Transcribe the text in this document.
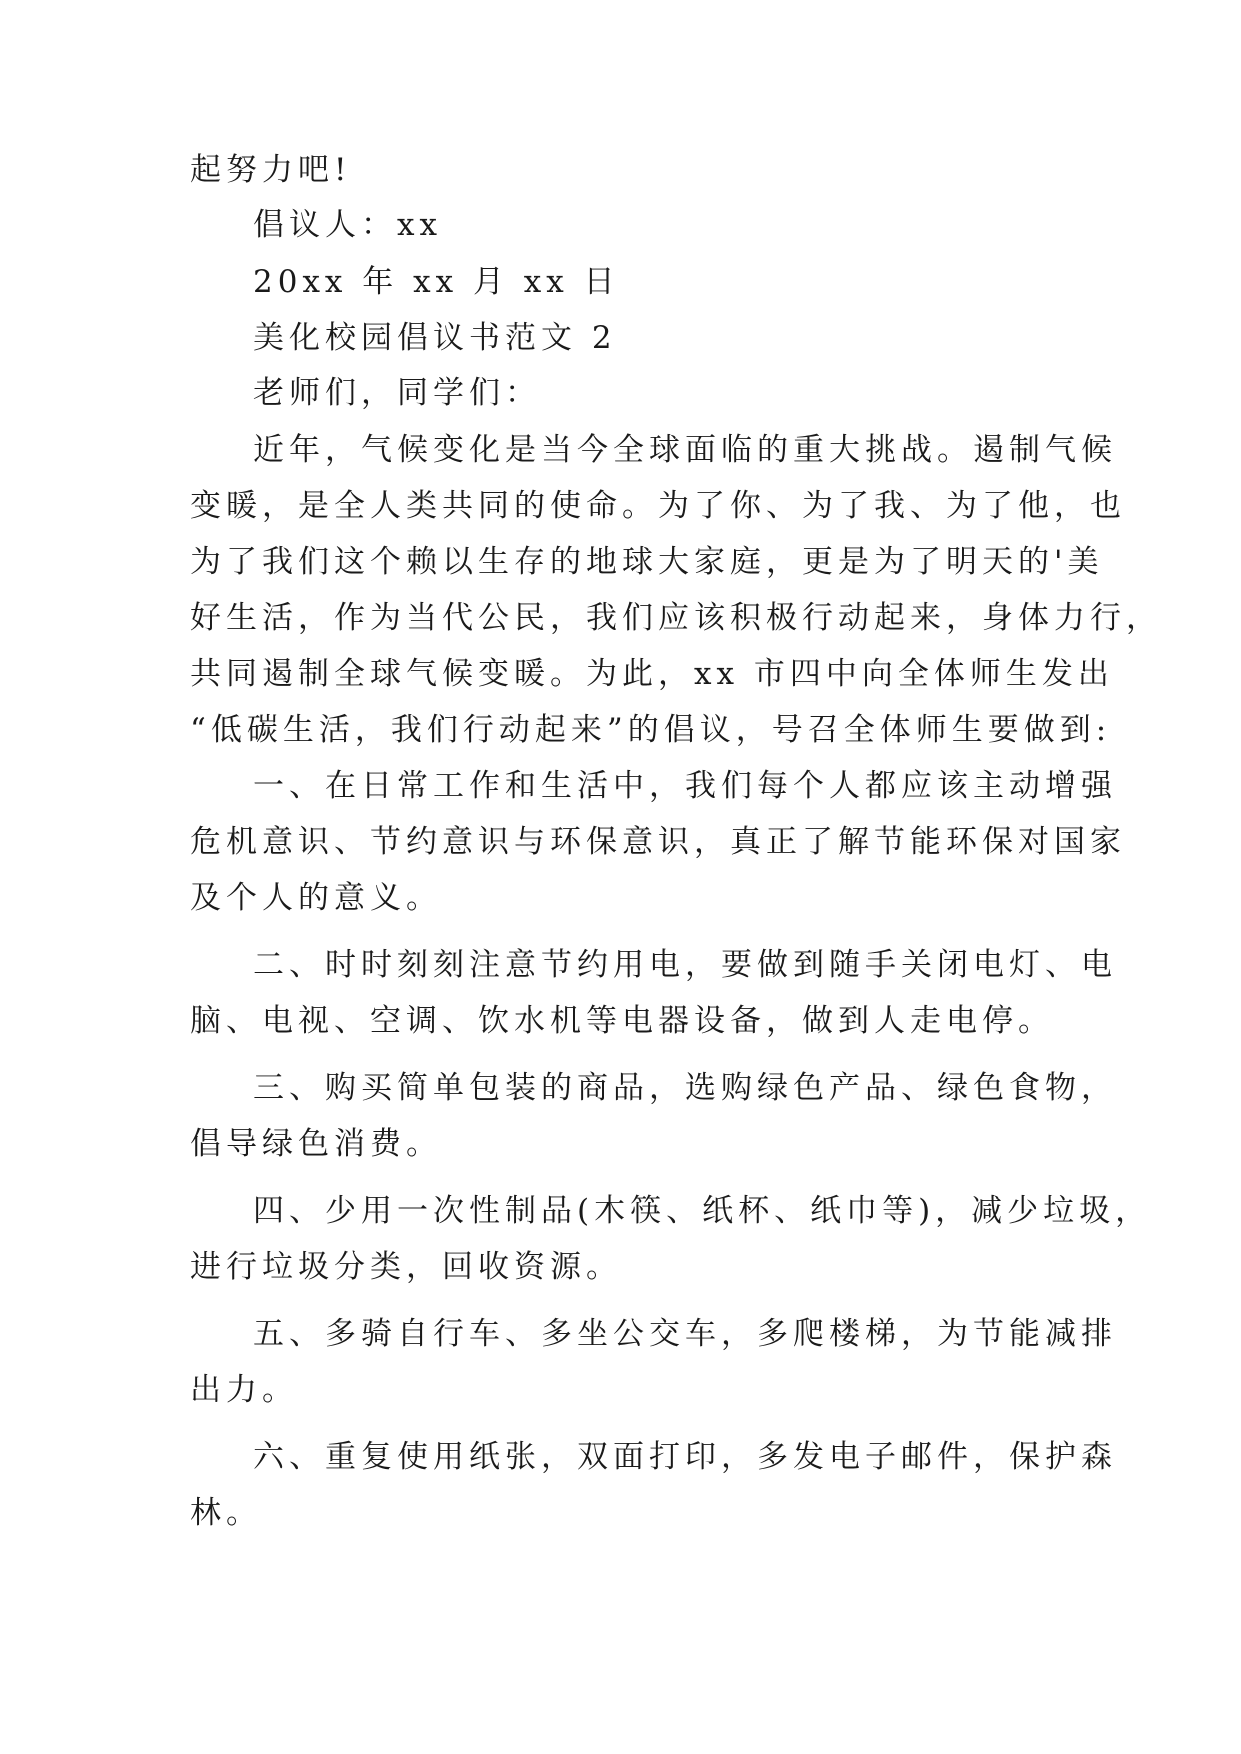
起努力吧!
倡议人：xx
20xx 年 xx 月 xx 日
美化校园倡议书范文 2
老师们，同学们：
近年，气候变化是当今全球面临的重大挑战。遏制气候
变暖，是全人类共同的使命。为了你、为了我、为了他，也
为了我们这个赖以生存的地球大家庭，更是为了明天的'美
好生活，作为当代公民，我们应该积极行动起来，身体力行，
共同遏制全球气候变暖。为此，xx 市四中向全体师生发出
“低碳生活，我们行动起来”的倡议，号召全体师生要做到:
一、在日常工作和生活中，我们每个人都应该主动增强
危机意识、节约意识与环保意识，真正了解节能环保对国家
及个人的意义。
二、时时刻刻注意节约用电，要做到随手关闭电灯、电
脑、电视、空调、饮水机等电器设备，做到人走电停。
三、购买简单包装的商品，选购绿色产品、绿色食物，
倡导绿色消费。
四、少用一次性制品(木筷、纸杯、纸巾等)，减少垃圾，
进行垃圾分类，回收资源。
五、多骑自行车、多坐公交车，多爬楼梯，为节能减排
出力。
六、重复使用纸张，双面打印，多发电子邮件，保护森
林。
